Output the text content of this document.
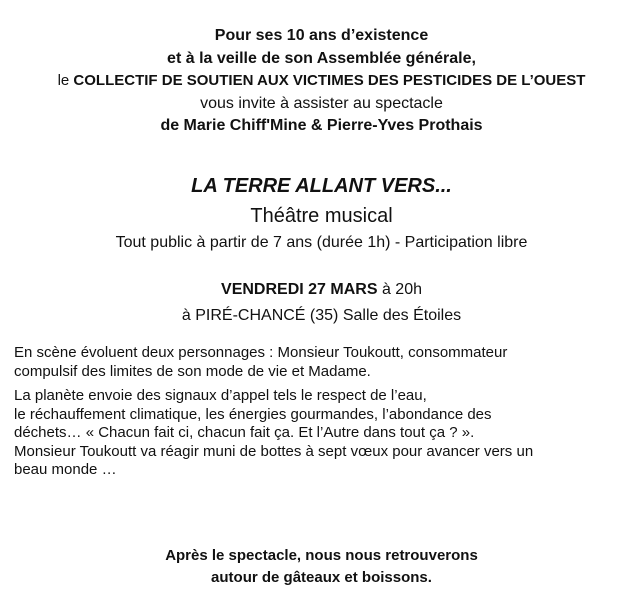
Pour ses 10 ans d’existence
et à la veille de son Assemblée générale,
le COLLECTIF DE SOUTIEN AUX VICTIMES DES PESTICIDES DE L’OUEST
vous invite à assister au spectacle
de Marie Chiff'Mine & Pierre-Yves Prothais
LA TERRE ALLANT VERS...
Théâtre musical
Tout public à partir de 7 ans (durée 1h) - Participation libre
VENDREDI 27 MARS à 20h
à PIRÉ-CHANCÉ (35) Salle des Étoiles

En scène évoluent deux personnages : Monsieur Toukoutt, consommateur
compulsif des limites de son mode de vie et Madame.

La planète envoie des signaux d’appel tels le respect de l’eau,
le réchauffement climatique, les énergies gourmandes, l’abondance des
déchets… « Chacun fait ci, chacun fait ça. Et l’Autre dans tout ça ? ».
Monsieur Toukoutt va réagir muni de bottes à sept vœux pour avancer vers un
beau monde …

Après le spectacle, nous nous retrouverons
autour de gâteaux et boissons.
